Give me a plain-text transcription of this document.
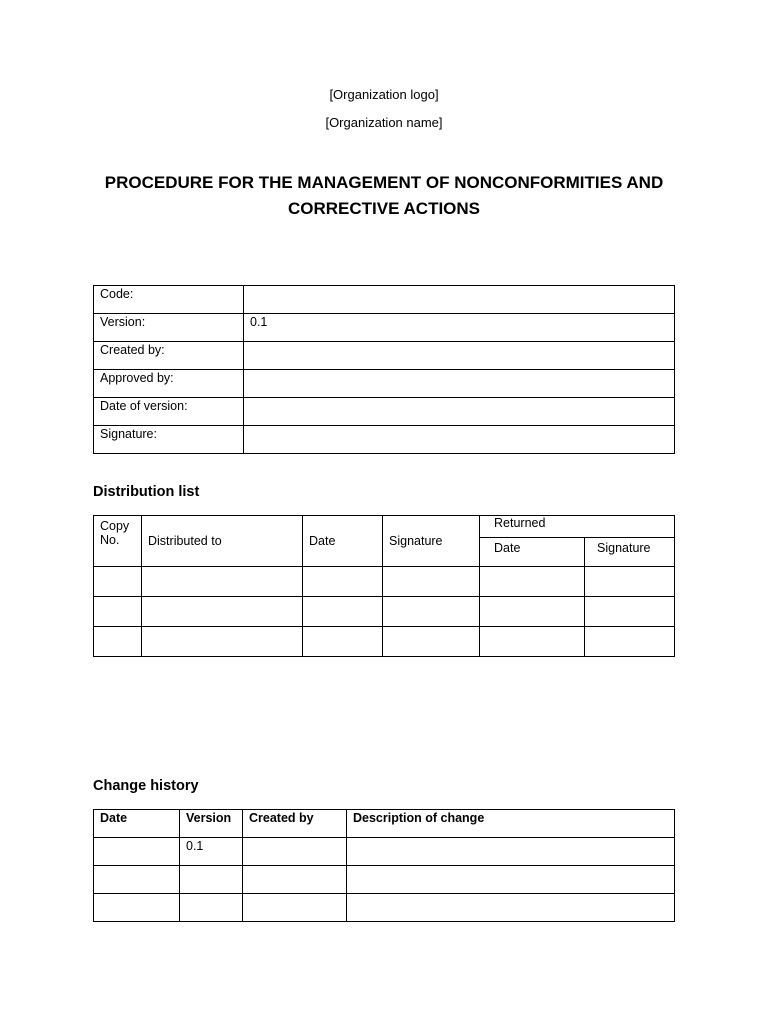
[Organization logo]
[Organization name]
PROCEDURE FOR THE MANAGEMENT OF NONCONFORMITIES AND CORRECTIVE ACTIONS
Code:	
Version:	0.1
Created by:	
Approved by:	
Date of version:	
Signature:	
Distribution list
Copy No.	Distributed to	Date	Signature	Returned	
				Date	Signature

Change history
Date	Version	Created by	Description of change
	0.1		
